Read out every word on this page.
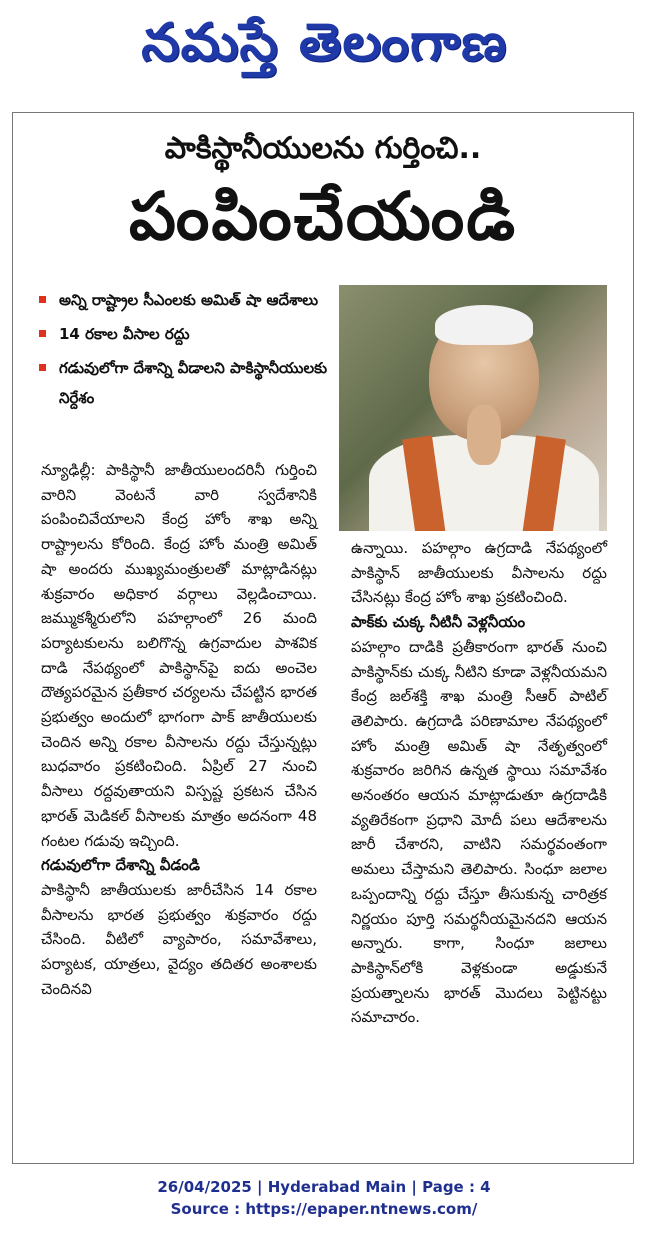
నమస్తే తెలంగాణ
పాకిస్థానీయులను గుర్తించి..
పంపించేయండి
అన్ని రాష్ట్రాల సీఎంలకు అమిత్ షా ఆదేశాలు
14 రకాల వీసాల రద్దు
గడువులోగా దేశాన్ని వీడాలని పాకిస్థానీయులకు నిర్దేశం

న్యూఢిల్లీ: పాకిస్థానీ జాతీయులందరినీ గుర్తించి వారిని వెంటనే వారి స్వదేశానికి పంపించివేయాలని కేంద్ర హోం శాఖ అన్ని రాష్ట్రాలను కోరింది. కేంద్ర హోం మంత్రి అమిత్ షా అందరు ముఖ్యమంత్రులతో మాట్లాడినట్లు శుక్రవారం అధికార వర్గాలు వెల్లడించాయి. జమ్ముకశ్మీరులోని పహల్గాంలో 26 మంది పర్యాటకులను బలిగొన్న ఉగ్రవాదుల పాశవిక దాడి నేపథ్యంలో పాకిస్థాన్‌పై ఐదు అంచెల దౌత్యపరమైన ప్రతీకార చర్యలను చేపట్టిన భారత ప్రభుత్వం అందులో భాగంగా పాక్ జాతీయులకు చెందిన అన్ని రకాల వీసాలను రద్దు చేస్తున్నట్లు బుధవారం ప్రకటించింది. ఏప్రిల్ 27 నుంచి వీసాలు రద్దవుతాయని విస్పష్ట ప్రకటన చేసిన భారత్ మెడికల్ వీసాలకు మాత్రం అదనంగా 48 గంటల గడువు ఇచ్చింది.

గడువులోగా దేశాన్ని వీడండి

పాకిస్థానీ జాతీయులకు జారీచేసిన 14 రకాల వీసాలను భారత ప్రభుత్వం శుక్రవారం రద్దు చేసింది. వీటిలో వ్యాపారం, సమావేశాలు, పర్యాటక, యాత్రలు, వైద్యం తదితర అంశాలకు చెందినవి

ఉన్నాయి. పహల్గాం ఉగ్రదాడి నేపథ్యంలో పాకిస్థాన్ జాతీయులకు వీసాలను రద్దు చేసినట్లు కేంద్ర హోం శాఖ ప్రకటించింది.

పాక్‌కు చుక్క నీటినీ వెళ్లనీయం

పహల్గాం దాడికి ప్రతీకారంగా భారత్ నుంచి పాకిస్థాన్‌కు చుక్క నీటిని కూడా వెళ్లనీయమని కేంద్ర జల్‌శక్తి శాఖ మంత్రి సీఆర్ పాటిల్ తెలిపారు. ఉగ్రదాడి పరిణామాల నేపథ్యంలో హోం మంత్రి అమిత్ షా నేతృత్వంలో శుక్రవారం జరిగిన ఉన్నత స్థాయి సమావేశం అనంతరం ఆయన మాట్లాడుతూ ఉగ్రదాడికి వ్యతిరేకంగా ప్రధాని మోదీ పలు ఆదేశాలను జారీ చేశారని, వాటిని సమర్థవంతంగా అమలు చేస్తామని తెలిపారు. సింధూ జలాల ఒప్పందాన్ని రద్దు చేస్తూ తీసుకున్న చారిత్రక నిర్ణయం పూర్తి సమర్థనీయమైనదని ఆయన అన్నారు. కాగా, సింధూ జలాలు పాకిస్థాన్‌లోకి వెళ్లకుండా అడ్డుకునే ప్రయత్నాలను భారత్ మొదలు పెట్టినట్టు సమాచారం.

26/04/2025 | Hyderabad Main | Page : 4
Source : https://epaper.ntnews.com/
